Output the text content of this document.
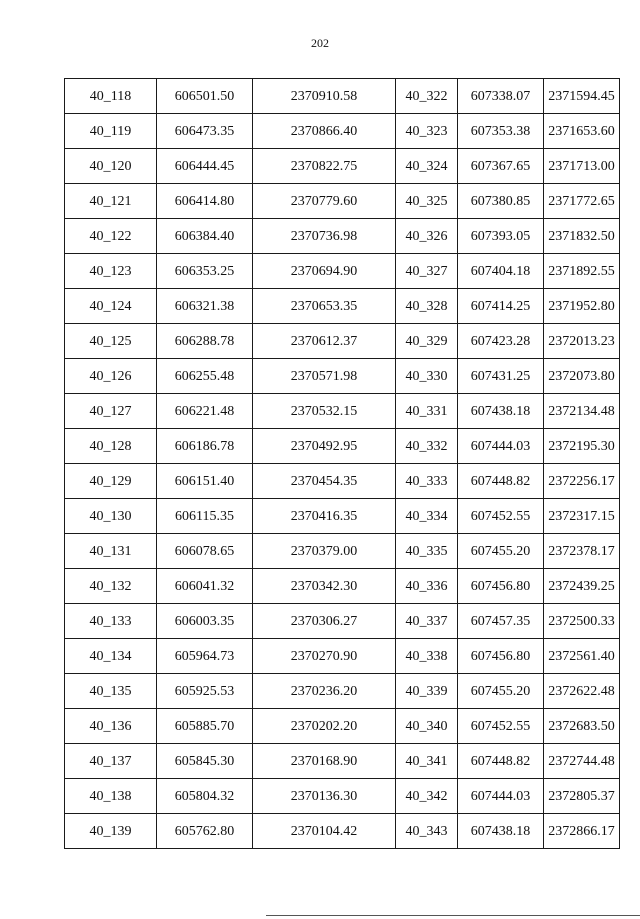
202
40_118	606501.50	2370910.58	40_322	607338.07	2371594.45

40_119	606473.35	2370866.40	40_323	607353.38	2371653.60

40_120	606444.45	2370822.75	40_324	607367.65	2371713.00

40_121	606414.80	2370779.60	40_325	607380.85	2371772.65

40_122	606384.40	2370736.98	40_326	607393.05	2371832.50

40_123	606353.25	2370694.90	40_327	607404.18	2371892.55

40_124	606321.38	2370653.35	40_328	607414.25	2371952.80

40_125	606288.78	2370612.37	40_329	607423.28	2372013.23

40_126	606255.48	2370571.98	40_330	607431.25	2372073.80

40_127	606221.48	2370532.15	40_331	607438.18	2372134.48

40_128	606186.78	2370492.95	40_332	607444.03	2372195.30

40_129	606151.40	2370454.35	40_333	607448.82	2372256.17

40_130	606115.35	2370416.35	40_334	607452.55	2372317.15

40_131	606078.65	2370379.00	40_335	607455.20	2372378.17

40_132	606041.32	2370342.30	40_336	607456.80	2372439.25

40_133	606003.35	2370306.27	40_337	607457.35	2372500.33

40_134	605964.73	2370270.90	40_338	607456.80	2372561.40

40_135	605925.53	2370236.20	40_339	607455.20	2372622.48

40_136	605885.70	2370202.20	40_340	607452.55	2372683.50

40_137	605845.30	2370168.90	40_341	607448.82	2372744.48

40_138	605804.32	2370136.30	40_342	607444.03	2372805.37

40_139	605762.80	2370104.42	40_343	607438.18	2372866.17
